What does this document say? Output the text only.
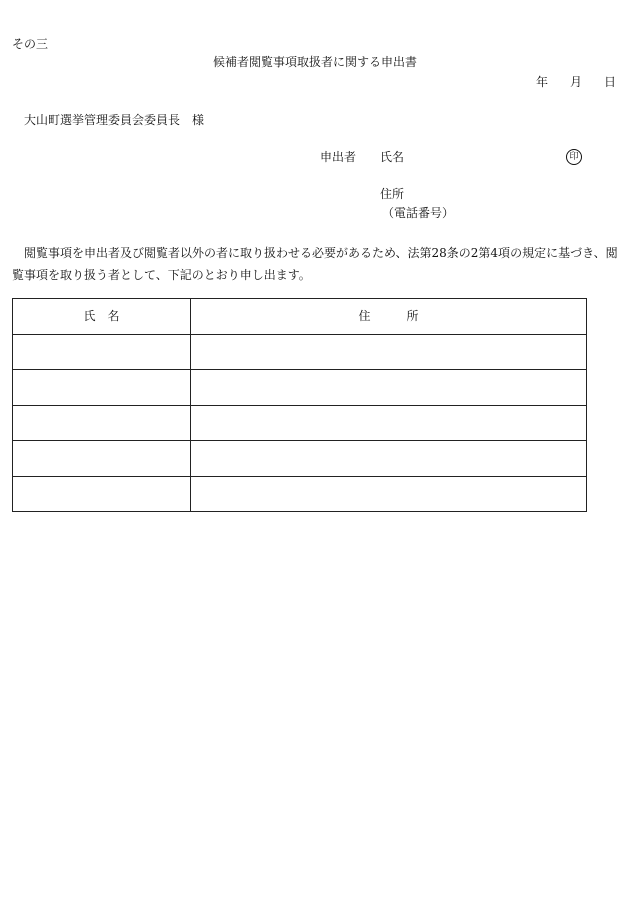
その三
候補者閲覧事項取扱者に関する申出書
年 月 日
大山町選挙管理委員会委員長　様
申出者 氏名	印
住所
（電話番号）
閲覧事項を申出者及び閲覧者以外の者に取り扱わせる必要があるため、法第28条の2第4項の規定に基づき、閲覧事項を取り扱う者として、下記のとおり申し出ます。
氏　名	住　　　所
